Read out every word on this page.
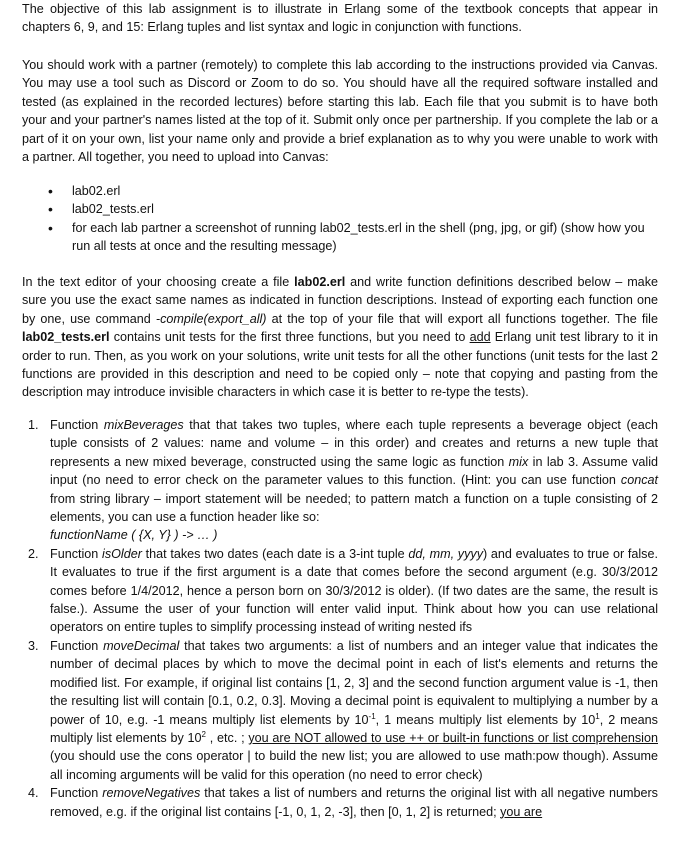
The objective of this lab assignment is to illustrate in Erlang some of the textbook concepts that appear in chapters 6, 9, and 15: Erlang tuples and list syntax and logic in conjunction with functions.

You should work with a partner (remotely) to complete this lab according to the instructions provided via Canvas. You may use a tool such as Discord or Zoom to do so. You should have all the required software installed and tested (as explained in the recorded lectures) before starting this lab. Each file that you submit is to have both your and your partner's names listed at the top of it. Submit only once per partnership. If you complete the lab or a part of it on your own, list your name only and provide a brief explanation as to why you were unable to work with a partner. All together, you need to upload into Canvas:

• lab02.erl
• lab02_tests.erl
• for each lab partner a screenshot of running lab02_tests.erl in the shell (png, jpg, or gif) (show how you run all tests at once and the resulting message)

In the text editor of your choosing create a file lab02.erl and write function definitions described below – make sure you use the exact same names as indicated in function descriptions. Instead of exporting each function one by one, use command -compile(export_all) at the top of your file that will export all functions together. The file lab02_tests.erl contains unit tests for the first three functions, but you need to add Erlang unit test library to it in order to run. Then, as you work on your solutions, write unit tests for all the other functions (unit tests for the last 2 functions are provided in this description and need to be copied only – note that copying and pasting from the description may introduce invisible characters in which case it is better to re-type the tests).

1. Function mixBeverages that that takes two tuples, where each tuple represents a beverage object (each tuple consists of 2 values: name and volume – in this order) and creates and returns a new tuple that represents a new mixed beverage, constructed using the same logic as function mix in lab 3. Assume valid input (no need to error check on the parameter values to this function. (Hint: you can use function concat from string library – import statement will be needed; to pattern match a function on a tuple consisting of 2 elements, you can use a function header like so:
functionName ( {X, Y} ) -> … )
2. Function isOlder that takes two dates (each date is a 3-int tuple dd, mm, yyyy) and evaluates to true or false. It evaluates to true if the first argument is a date that comes before the second argument (e.g. 30/3/2012 comes before 1/4/2012, hence a person born on 30/3/2012 is older). (If two dates are the same, the result is false.). Assume the user of your function will enter valid input. Think about how you can use relational operators on entire tuples to simplify processing instead of writing nested ifs
3. Function moveDecimal that takes two arguments: a list of numbers and an integer value that indicates the number of decimal places by which to move the decimal point in each of list's elements and returns the modified list. For example, if original list contains [1, 2, 3] and the second function argument value is -1, then the resulting list will contain [0.1, 0.2, 0.3]. Moving a decimal point is equivalent to multiplying a number by a power of 10, e.g. -1 means multiply list elements by $10^{-1}$, 1 means multiply list elements by $10^1$, 2 means multiply list elements by $10^2$ , etc. ; you are NOT allowed to use ++ or built-in functions or list comprehension (you should use the cons operator | to build the new list; you are allowed to use math:pow though). Assume all incoming arguments will be valid for this operation (no need to error check)
4. Function removeNegatives that takes a list of numbers and returns the original list with all negative numbers removed, e.g. if the original list contains [-1, 0, 1, 2, -3], then [0, 1, 2] is returned; you are
